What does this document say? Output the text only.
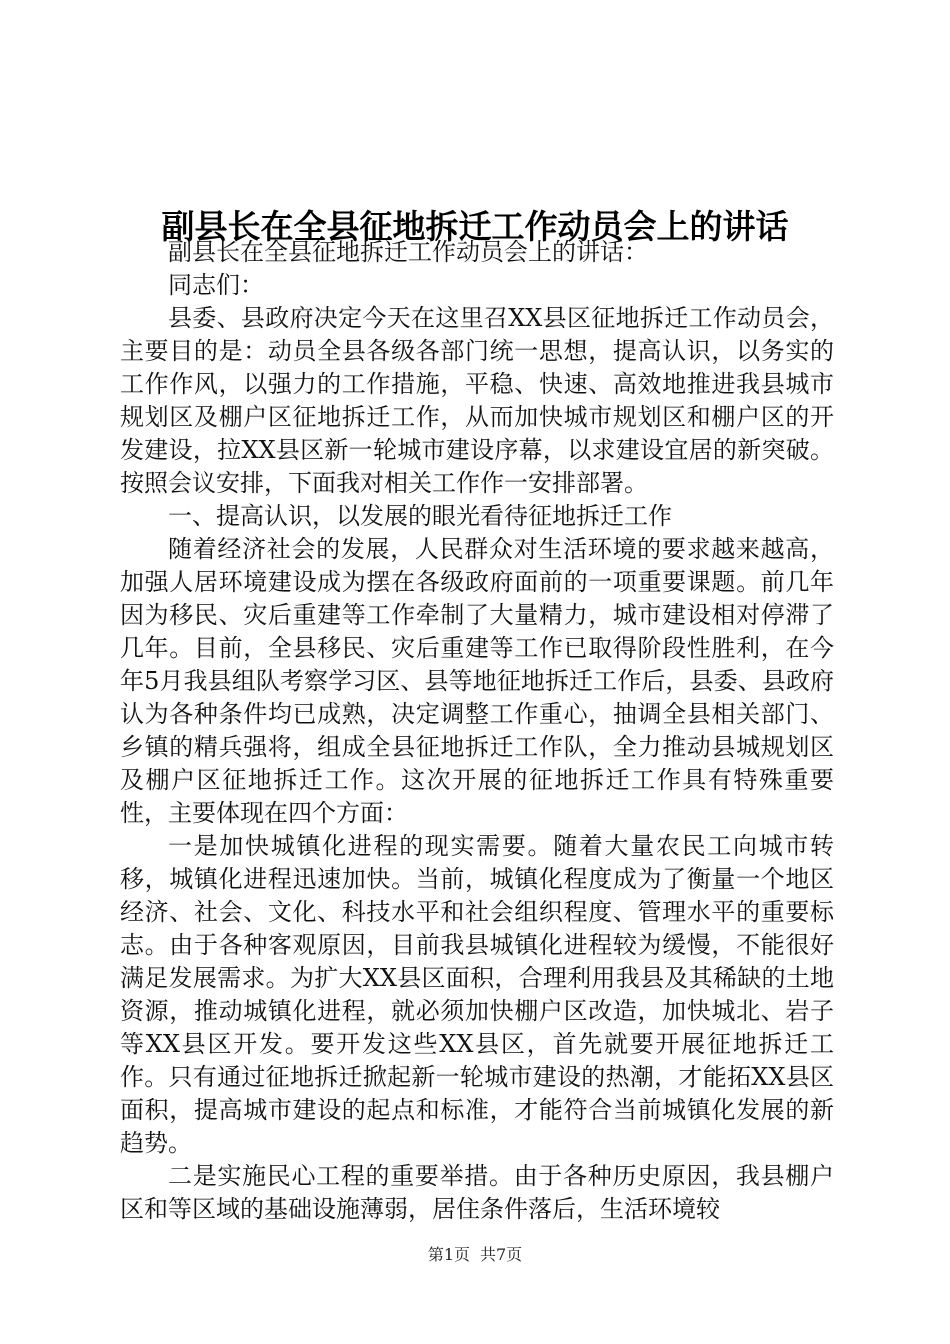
副县长在全县征地拆迁工作动员会上的讲话

副县长在全县征地拆迁工作动员会上的讲话：

同志们：

县委、县政府决定今天在这里召XX县区征地拆迁工作动员会，主要目的是：动员全县各级各部门统一思想，提高认识，以务实的工作作风，以强力的工作措施，平稳、快速、高效地推进我县城市规划区及棚户区征地拆迁工作，从而加快城市规划区和棚户区的开发建设，拉XX县区新一轮城市建设序幕，以求建设宜居的新突破。按照会议安排，下面我对相关工作作一安排部署。

一、提高认识，以发展的眼光看待征地拆迁工作

随着经济社会的发展，人民群众对生活环境的要求越来越高，加强人居环境建设成为摆在各级政府面前的一项重要课题。前几年因为移民、灾后重建等工作牵制了大量精力，城市建设相对停滞了几年。目前，全县移民、灾后重建等工作已取得阶段性胜利，在今年5月我县组队考察学习区、县等地征地拆迁工作后，县委、县政府认为各种条件均已成熟，决定调整工作重心，抽调全县相关部门、乡镇的精兵强将，组成全县征地拆迁工作队，全力推动县城规划区及棚户区征地拆迁工作。这次开展的征地拆迁工作具有特殊重要性，主要体现在四个方面：

一是加快城镇化进程的现实需要。随着大量农民工向城市转移，城镇化进程迅速加快。当前，城镇化程度成为了衡量一个地区经济、社会、文化、科技水平和社会组织程度、管理水平的重要标志。由于各种客观原因，目前我县城镇化进程较为缓慢，不能很好满足发展需求。为扩大XX县区面积，合理利用我县及其稀缺的土地资源，推动城镇化进程，就必须加快棚户区改造，加快城北、岩子等XX县区开发。要开发这些XX县区，首先就要开展征地拆迁工作。只有通过征地拆迁掀起新一轮城市建设的热潮，才能拓XX县区面积，提高城市建设的起点和标准，才能符合当前城镇化发展的新趋势。

二是实施民心工程的重要举措。由于各种历史原因，我县棚户区和等区域的基础设施薄弱，居住条件落后，生活环境较

第1页 共7页
